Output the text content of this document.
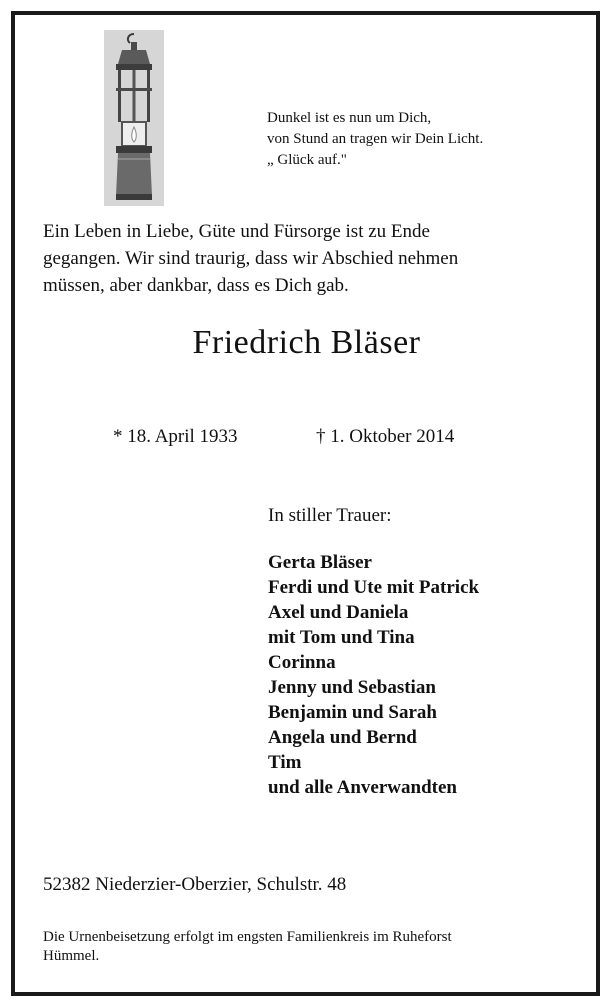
Dunkel ist es nun um Dich,
von Stund an tragen wir Dein Licht.
„ Glück auf."
Ein Leben in Liebe, Güte und Fürsorge ist zu Ende
gegangen. Wir sind traurig, dass wir Abschied nehmen
müssen, aber dankbar, dass es Dich gab.
Friedrich Bläser
* 18. April 1933	† 1. Oktober 2014
In stiller Trauer:
Gerta Bläser
Ferdi und Ute mit Patrick
Axel und Daniela
mit Tom und Tina
Corinna
Jenny und Sebastian
Benjamin und Sarah
Angela und Bernd
Tim
und alle Anverwandten
52382 Niederzier-Oberzier, Schulstr. 48
Die Urnenbeisetzung erfolgt im engsten Familienkreis im Ruheforst
Hümmel.
